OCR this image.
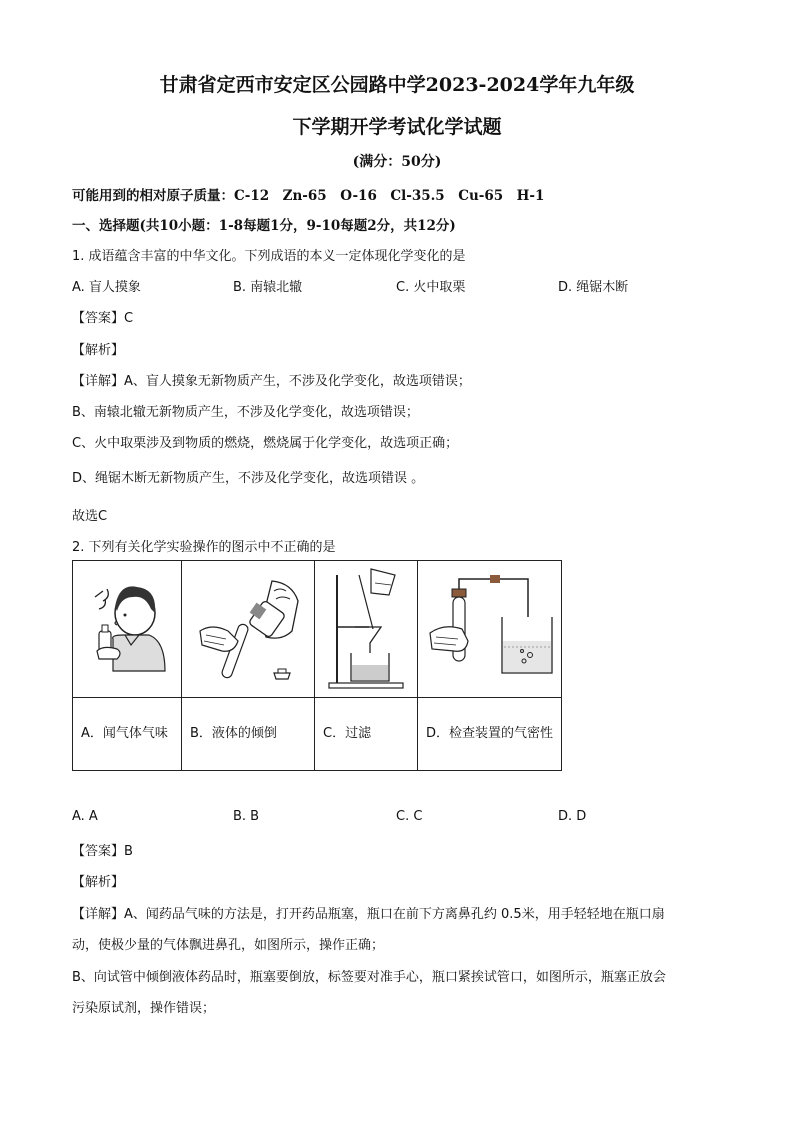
甘肃省定西市安定区公园路中学2023-2024学年九年级
下学期开学考试化学试题
(满分：50分)
可能用到的相对原子质量：C-12　Zn-65　O-16　Cl-35.5　Cu-65　H-1
一、选择题(共10小题：1-8每题1分，9-10每题2分，共12分)
1. 成语蕴含丰富的中华文化。下列成语的本义一定体现化学变化的是
A. 盲人摸象	B. 南辕北辙	C. 火中取栗	D. 绳锯木断
【答案】C
【解析】
【详解】A、盲人摸象无新物质产生，不涉及化学变化，故选项错误；
B、南辕北辙无新物质产生，不涉及化学变化，故选项错误；
C、火中取栗涉及到物质的燃烧，燃烧属于化学变化，故选项正确；
D、绳锯木断无新物质产生，不涉及化学变化，故选项错误 。
故选C
2. 下列有关化学实验操作的图示中不正确的是

A．闻气体气味	B．液体的倾倒	C．过滤	D．检查装置的气密性
A. A	B. B	C. C	D. D
【答案】B
【解析】
【详解】A、闻药品气味的方法是，打开药品瓶塞，瓶口在前下方离鼻孔约 0.5米，用手轻轻地在瓶口扇
动，使极少量的气体飘进鼻孔，如图所示，操作正确；
B、向试管中倾倒液体药品时，瓶塞要倒放，标签要对准手心，瓶口紧挨试管口，如图所示，瓶塞正放会
污染原试剂，操作错误；
